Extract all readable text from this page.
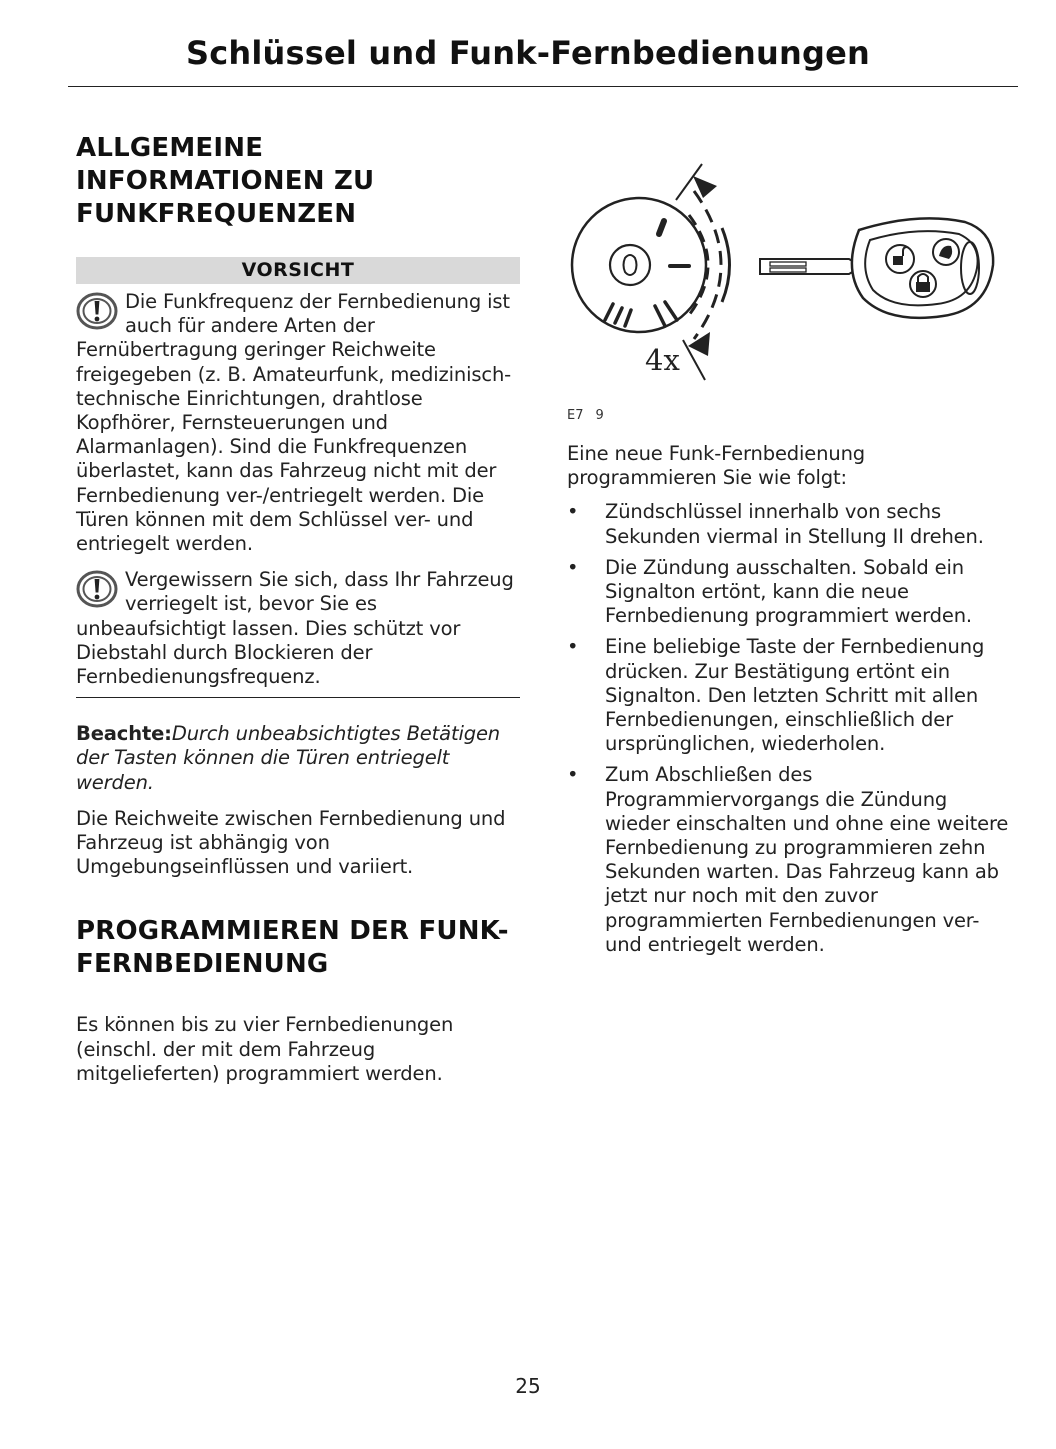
Schlüssel und Funk-Fernbedienungen
ALLGEMEINE INFORMATIONEN ZU FUNKFREQUENZEN
VORSICHT

Die Funkfrequenz der Fernbedienung ist auch für andere Arten der Fernübertragung geringer Reichweite freigegeben (z. B. Amateurfunk, medizinisch-technische Einrichtungen, drahtlose Kopfhörer, Fernsteuerungen und Alarmanlagen). Sind die Funkfrequenzen überlastet, kann das Fahrzeug nicht mit der Fernbedienung ver-/entriegelt werden. Die Türen können mit dem Schlüssel ver- und entriegelt werden.

Vergewissern Sie sich, dass Ihr Fahrzeug verriegelt ist, bevor Sie es unbeaufsichtigt lassen. Dies schützt vor Diebstahl durch Blockieren der Fernbedienungsfrequenz.

Beachte:Durch unbeabsichtigtes Betätigen der Tasten können die Türen entriegelt werden.

Die Reichweite zwischen Fernbedienung und Fahrzeug ist abhängig von Umgebungseinflüssen und variiert.

PROGRAMMIEREN DER FUNK-FERNBEDIENUNG

Es können bis zu vier Fernbedienungen (einschl. der mit dem Fahrzeug mitgelieferten) programmiert werden.

4x
E7 9

Eine neue Funk-Fernbedienung programmieren Sie wie folgt:

• Zündschlüssel innerhalb von sechs Sekunden viermal in Stellung II drehen.
• Die Zündung ausschalten. Sobald ein Signalton ertönt, kann die neue Fernbedienung programmiert werden.
• Eine beliebige Taste der Fernbedienung drücken. Zur Bestätigung ertönt ein Signalton. Den letzten Schritt mit allen Fernbedienungen, einschließlich der ursprünglichen, wiederholen.
• Zum Abschließen des Programmiervorgangs die Zündung wieder einschalten und ohne eine weitere Fernbedienung zu programmieren zehn Sekunden warten. Das Fahrzeug kann ab jetzt nur noch mit den zuvor programmierten Fernbedienungen ver- und entriegelt werden.
25
